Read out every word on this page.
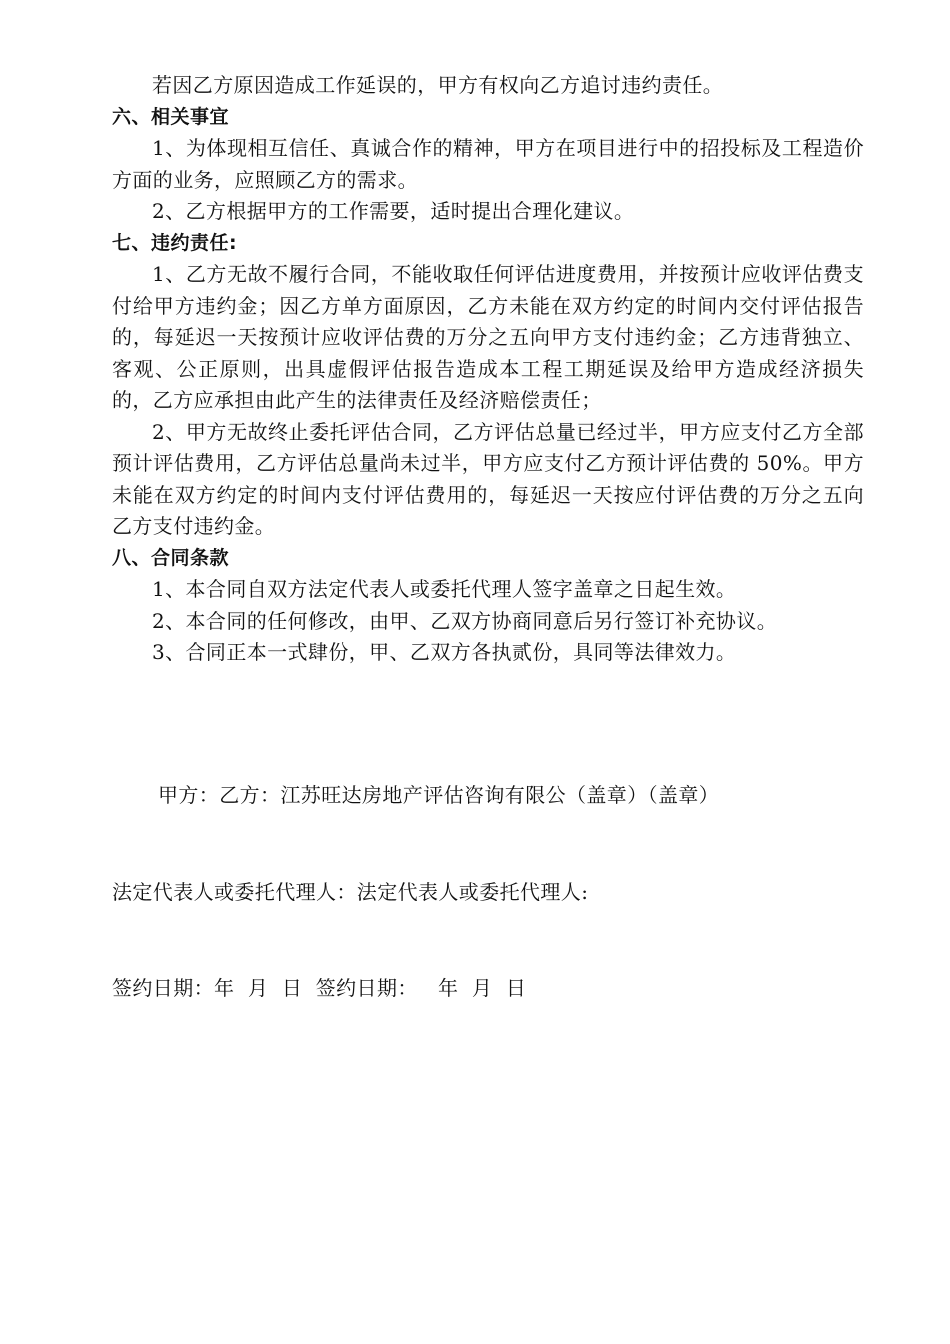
若因乙方原因造成工作延误的，甲方有权向乙方追讨违约责任。

六、相关事宜

1、为体现相互信任、真诚合作的精神，甲方在项目进行中的招投标及工程造价方面的业务，应照顾乙方的需求。

2、乙方根据甲方的工作需要，适时提出合理化建议。

七、违约责任:

1、乙方无故不履行合同，不能收取任何评估进度费用，并按预计应收评估费支付给甲方违约金；因乙方单方面原因，乙方未能在双方约定的时间内交付评估报告的，每延迟一天按预计应收评估费的万分之五向甲方支付违约金；乙方违背独立、客观、公正原则，出具虚假评估报告造成本工程工期延误及给甲方造成经济损失的，乙方应承担由此产生的法律责任及经济赔偿责任；

2、甲方无故终止委托评估合同，乙方评估总量已经过半，甲方应支付乙方全部预计评估费用，乙方评估总量尚未过半，甲方应支付乙方预计评估费的 50%。甲方未能在双方约定的时间内支付评估费用的，每延迟一天按应付评估费的万分之五向乙方支付违约金。

八、合同条款

1、本合同自双方法定代表人或委托代理人签字盖章之日起生效。

2、本合同的任何修改，由甲、乙双方协商同意后另行签订补充协议。

3、合同正本一式肆份，甲、乙双方各执贰份，具同等法律效力。

甲方：乙方：江苏旺达房地产评估咨询有限公（盖章）（盖章）
法定代表人或委托代理人：法定代表人或委托代理人:
签约日期：年  月  日  签约日期：   年  月  日
